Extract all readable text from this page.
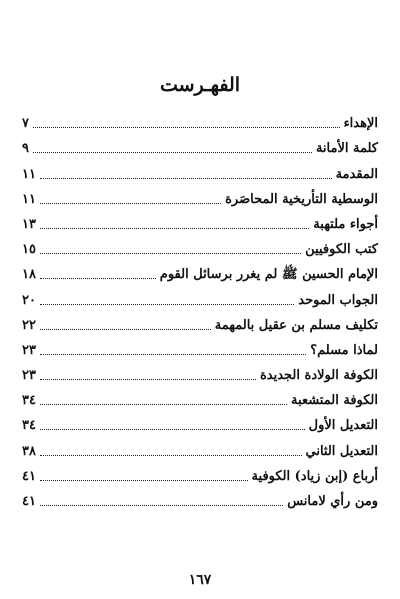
الفهـرست
الإهداء
٧
كلمة الأمانة
٩
المقدمة
١١
الوسطية التأريخية المحاصَرة
١١
أجواء ملتهبة
١٣
كتب الكوفيين
١٥
الإمام الحسين ﷺ لم يغرر برسائل القوم
١٨
الجواب الموحد
٢٠
تكليف مسلم بن عقيل بالمهمة
٢٢
لماذا مسلم؟
٢٣
الكوفة الولادة الجديدة
٢٣
الكوفة المتشعبة
٣٤
التعديل الأول
٣٤
التعديل الثاني
٣٨
أرباع (إبن زياد) الكوفية
٤١
ومن رأي لامانس
٤١
١٦٧
